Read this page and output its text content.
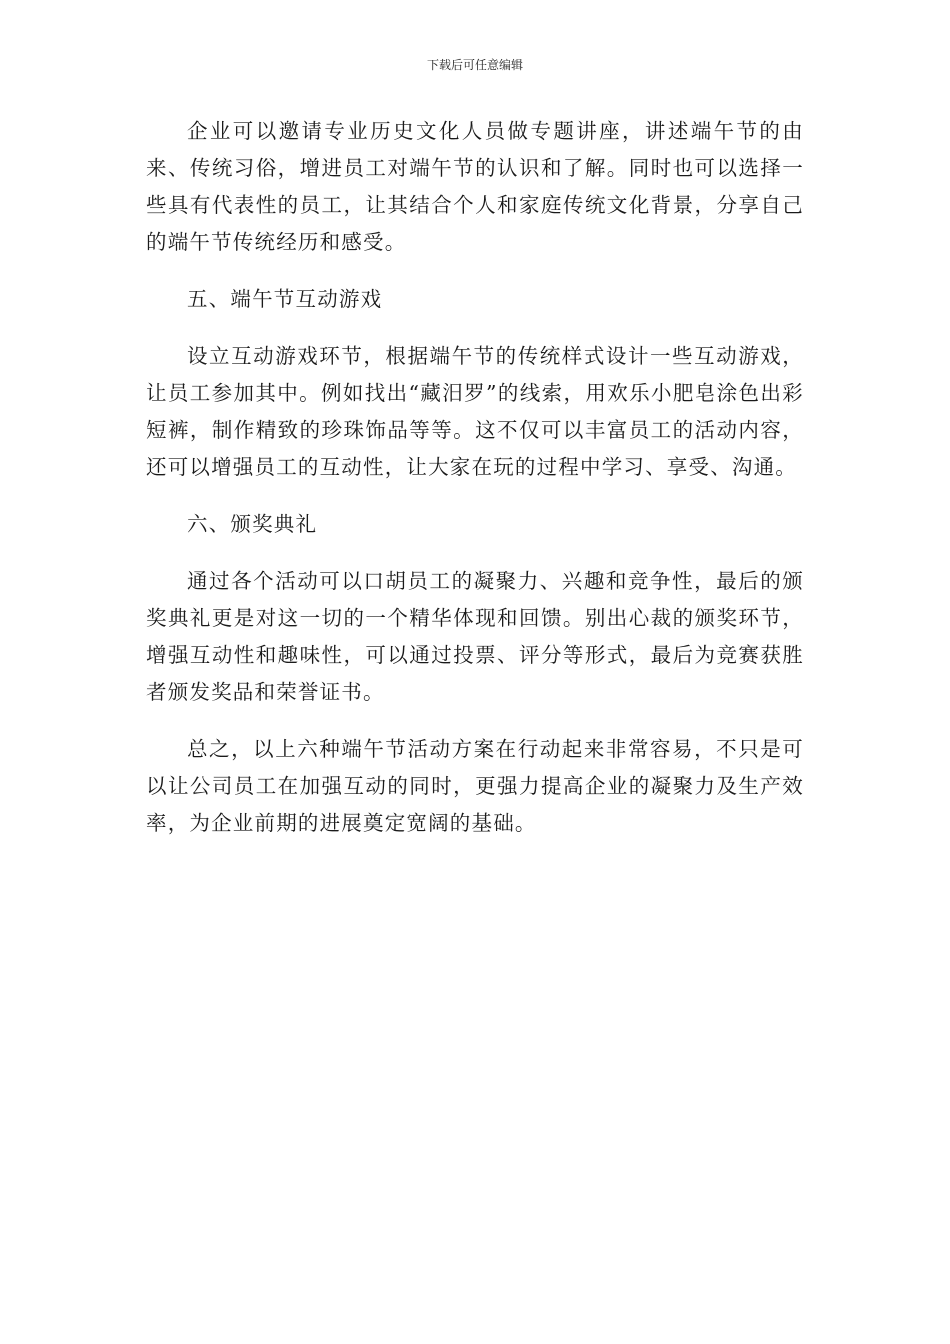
下载后可任意编辑

企业可以邀请专业历史文化人员做专题讲座，讲述端午节的由来、传统习俗，增进员工对端午节的认识和了解。同时也可以选择一些具有代表性的员工，让其结合个人和家庭传统文化背景，分享自己的端午节传统经历和感受。

五、端午节互动游戏

设立互动游戏环节，根据端午节的传统样式设计一些互动游戏，让员工参加其中。例如找出“藏汨罗”的线索，用欢乐小肥皂涂色出彩短裤，制作精致的珍珠饰品等等。这不仅可以丰富员工的活动内容，还可以增强员工的互动性，让大家在玩的过程中学习、享受、沟通。

六、颁奖典礼

通过各个活动可以口胡员工的凝聚力、兴趣和竞争性，最后的颁奖典礼更是对这一切的一个精华体现和回馈。别出心裁的颁奖环节，增强互动性和趣味性，可以通过投票、评分等形式，最后为竞赛获胜者颁发奖品和荣誉证书。

总之，以上六种端午节活动方案在行动起来非常容易，不只是可以让公司员工在加强互动的同时，更强力提高企业的凝聚力及生产效率，为企业前期的进展奠定宽阔的基础。
